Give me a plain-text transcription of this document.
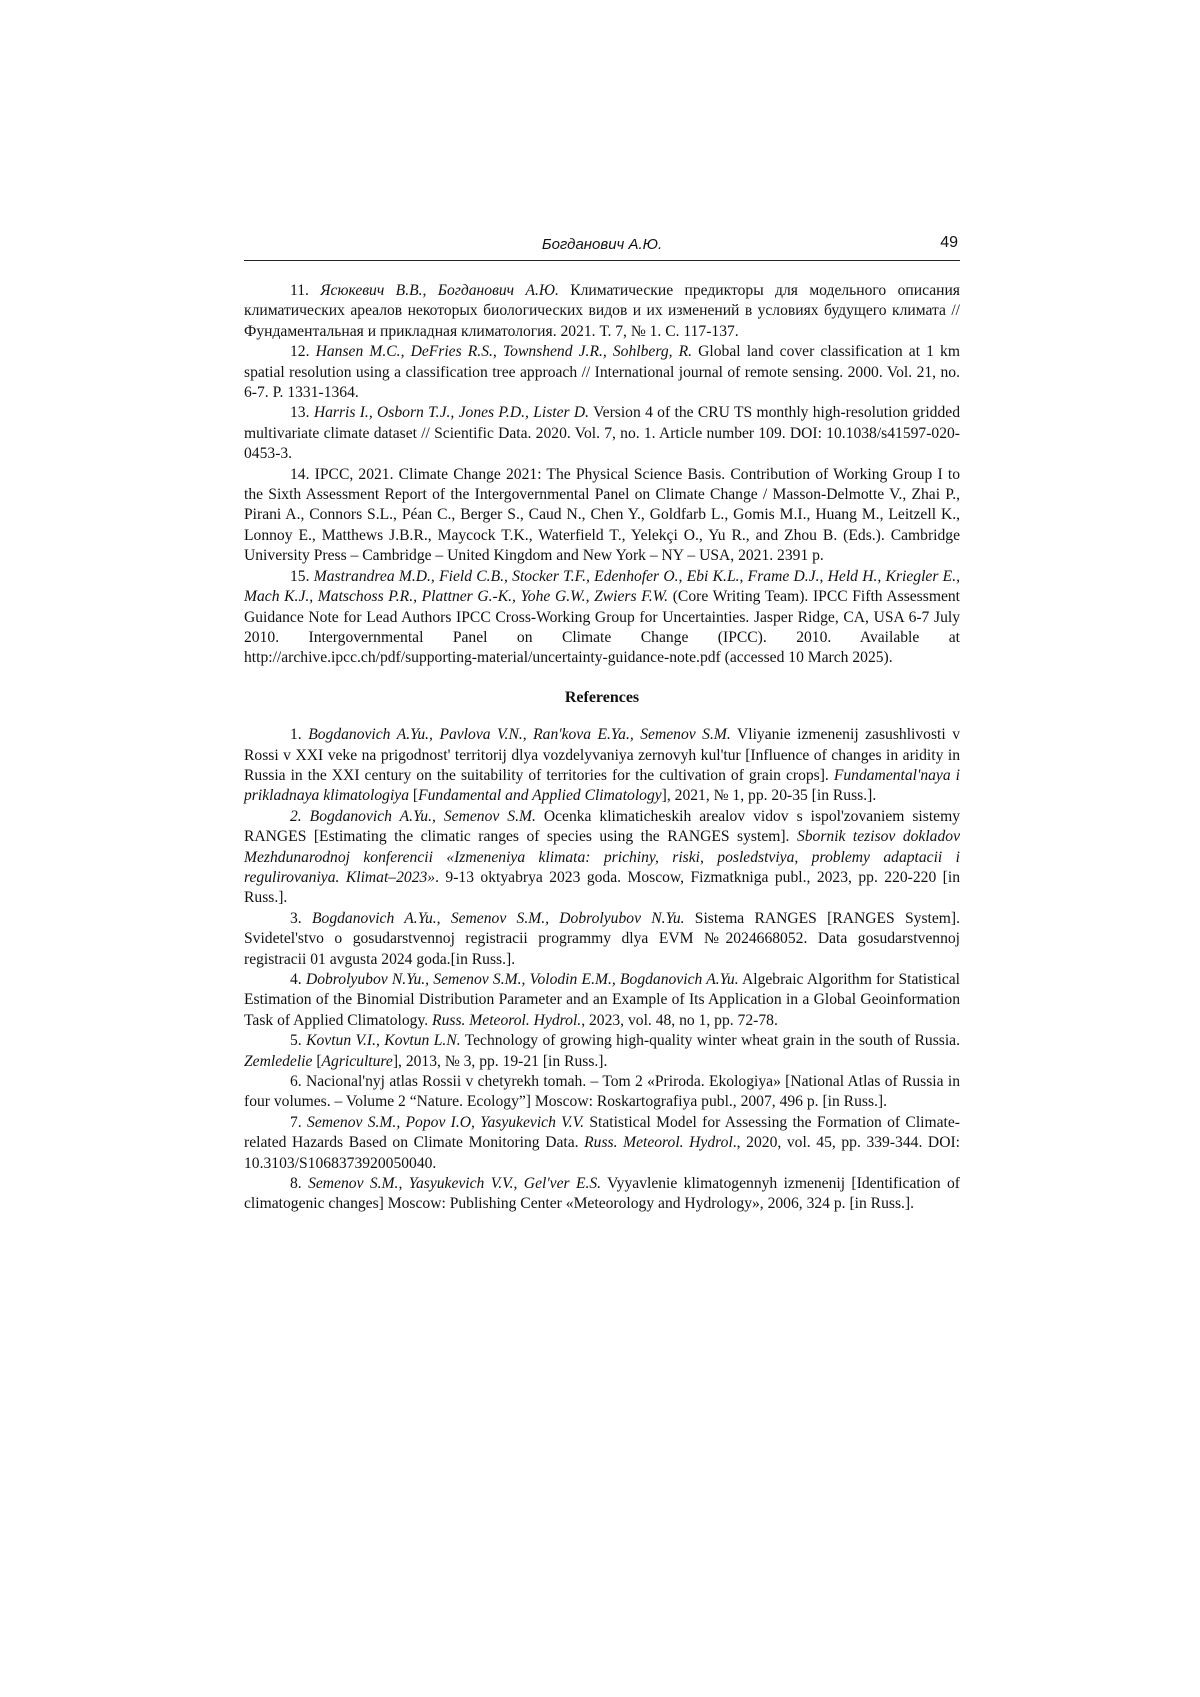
Богданович А.Ю.	49

11. Ясюкевич В.В., Богданович А.Ю. Климатические предикторы для модельного описания климатических ареалов некоторых биологических видов и их изменений в условиях будущего климата // Фундаментальная и прикладная климатология. 2021. Т. 7, № 1. С. 117-137.

12. Hansen M.C., DeFries R.S., Townshend J.R., Sohlberg, R. Global land cover classification at 1 km spatial resolution using a classification tree approach // International journal of remote sensing. 2000. Vol. 21, no. 6-7. P. 1331-1364.

13. Harris I., Osborn T.J., Jones P.D., Lister D. Version 4 of the CRU TS monthly high-resolution gridded multivariate climate dataset // Scientific Data. 2020. Vol. 7, no. 1. Article number 109. DOI: 10.1038/s41597-020-0453-3.

14. IPCC, 2021. Climate Change 2021: The Physical Science Basis. Contribution of Working Group I to the Sixth Assessment Report of the Intergovernmental Panel on Climate Change / Masson-Delmotte V., Zhai P., Pirani A., Connors S.L., Péan C., Berger S., Caud N., Chen Y., Goldfarb L., Gomis M.I., Huang M., Leitzell K., Lonnoy E., Matthews J.B.R., Maycock T.K., Waterfield T., Yelekçi O., Yu R., and Zhou B. (Eds.). Cambridge University Press – Cambridge – United Kingdom and New York – NY – USA, 2021. 2391 p.

15. Mastrandrea M.D., Field C.B., Stocker T.F., Edenhofer O., Ebi K.L., Frame D.J., Held H., Kriegler E., Mach K.J., Matschoss P.R., Plattner G.-K., Yohe G.W., Zwiers F.W. (Core Writing Team). IPCC Fifth Assessment Guidance Note for Lead Authors IPCC Cross-Working Group for Uncertainties. Jasper Ridge, CA, USA 6-7 July 2010. Intergovernmental Panel on Climate Change (IPCC). 2010. Available at http://archive.ipcc.ch/pdf/supporting-material/uncertainty-guidance-note.pdf (accessed 10 March 2025).

References

1. Bogdanovich A.Yu., Pavlova V.N., Ran'kova E.Ya., Semenov S.M. Vliyanie izmenenij zasushlivosti v Rossi v XXI veke na prigodnost' territorij dlya vozdelyvaniya zernovyh kul'tur [Influence of changes in aridity in Russia in the XXI century on the suitability of territories for the cultivation of grain crops]. Fundamental'naya i prikladnaya klimatologiya [Fundamental and Applied Climatology], 2021, № 1, pp. 20-35 [in Russ.].

2. Bogdanovich A.Yu., Semenov S.M. Ocenka klimaticheskih arealov vidov s ispol'zovaniem sistemy RANGES [Estimating the climatic ranges of species using the RANGES system]. Sbornik tezisov dokladov Mezhdunarodnoj konferencii «Izmeneniya klimata: prichiny, riski, posledstviya, problemy adaptacii i regulirovaniya. Klimat–2023». 9-13 oktyabrya 2023 goda. Moscow, Fizmatkniga publ., 2023, pp. 220-220 [in Russ.].

3. Bogdanovich A.Yu., Semenov S.M., Dobrolyubov N.Yu. Sistema RANGES [RANGES System]. Svidetel'stvo o gosudarstvennoj registracii programmy dlya EVM №2024668052. Data gosudarstvennoj registracii 01 avgusta 2024 goda.[in Russ.].

4. Dobrolyubov N.Yu., Semenov S.M., Volodin E.M., Bogdanovich A.Yu. Algebraic Algorithm for Statistical Estimation of the Binomial Distribution Parameter and an Example of Its Application in a Global Geoinformation Task of Applied Climatology. Russ. Meteorol. Hydrol., 2023, vol. 48, no 1, pp. 72-78.

5. Kovtun V.I., Kovtun L.N. Technology of growing high-quality winter wheat grain in the south of Russia. Zemledelie [Agriculture], 2013, № 3, pp. 19-21 [in Russ.].

6. Nacional'nyj atlas Rossii v chetyrekh tomah. – Tom 2 «Priroda. Ekologiya» [National Atlas of Russia in four volumes. – Volume 2 “Nature. Ecology”] Moscow: Roskartografiya publ., 2007, 496 p. [in Russ.].

7. Semenov S.M., Popov I.O, Yasyukevich V.V. Statistical Model for Assessing the Formation of Climate-related Hazards Based on Climate Monitoring Data. Russ. Meteorol. Hydrol., 2020, vol. 45, pp. 339-344. DOI: 10.3103/S1068373920050040.

8. Semenov S.M., Yasyukevich V.V., Gel'ver E.S. Vyyavlenie klimatogennyh izmenenij [Identification of climatogenic changes] Moscow: Publishing Center «Meteorology and Hydrology», 2006, 324 p. [in Russ.].
